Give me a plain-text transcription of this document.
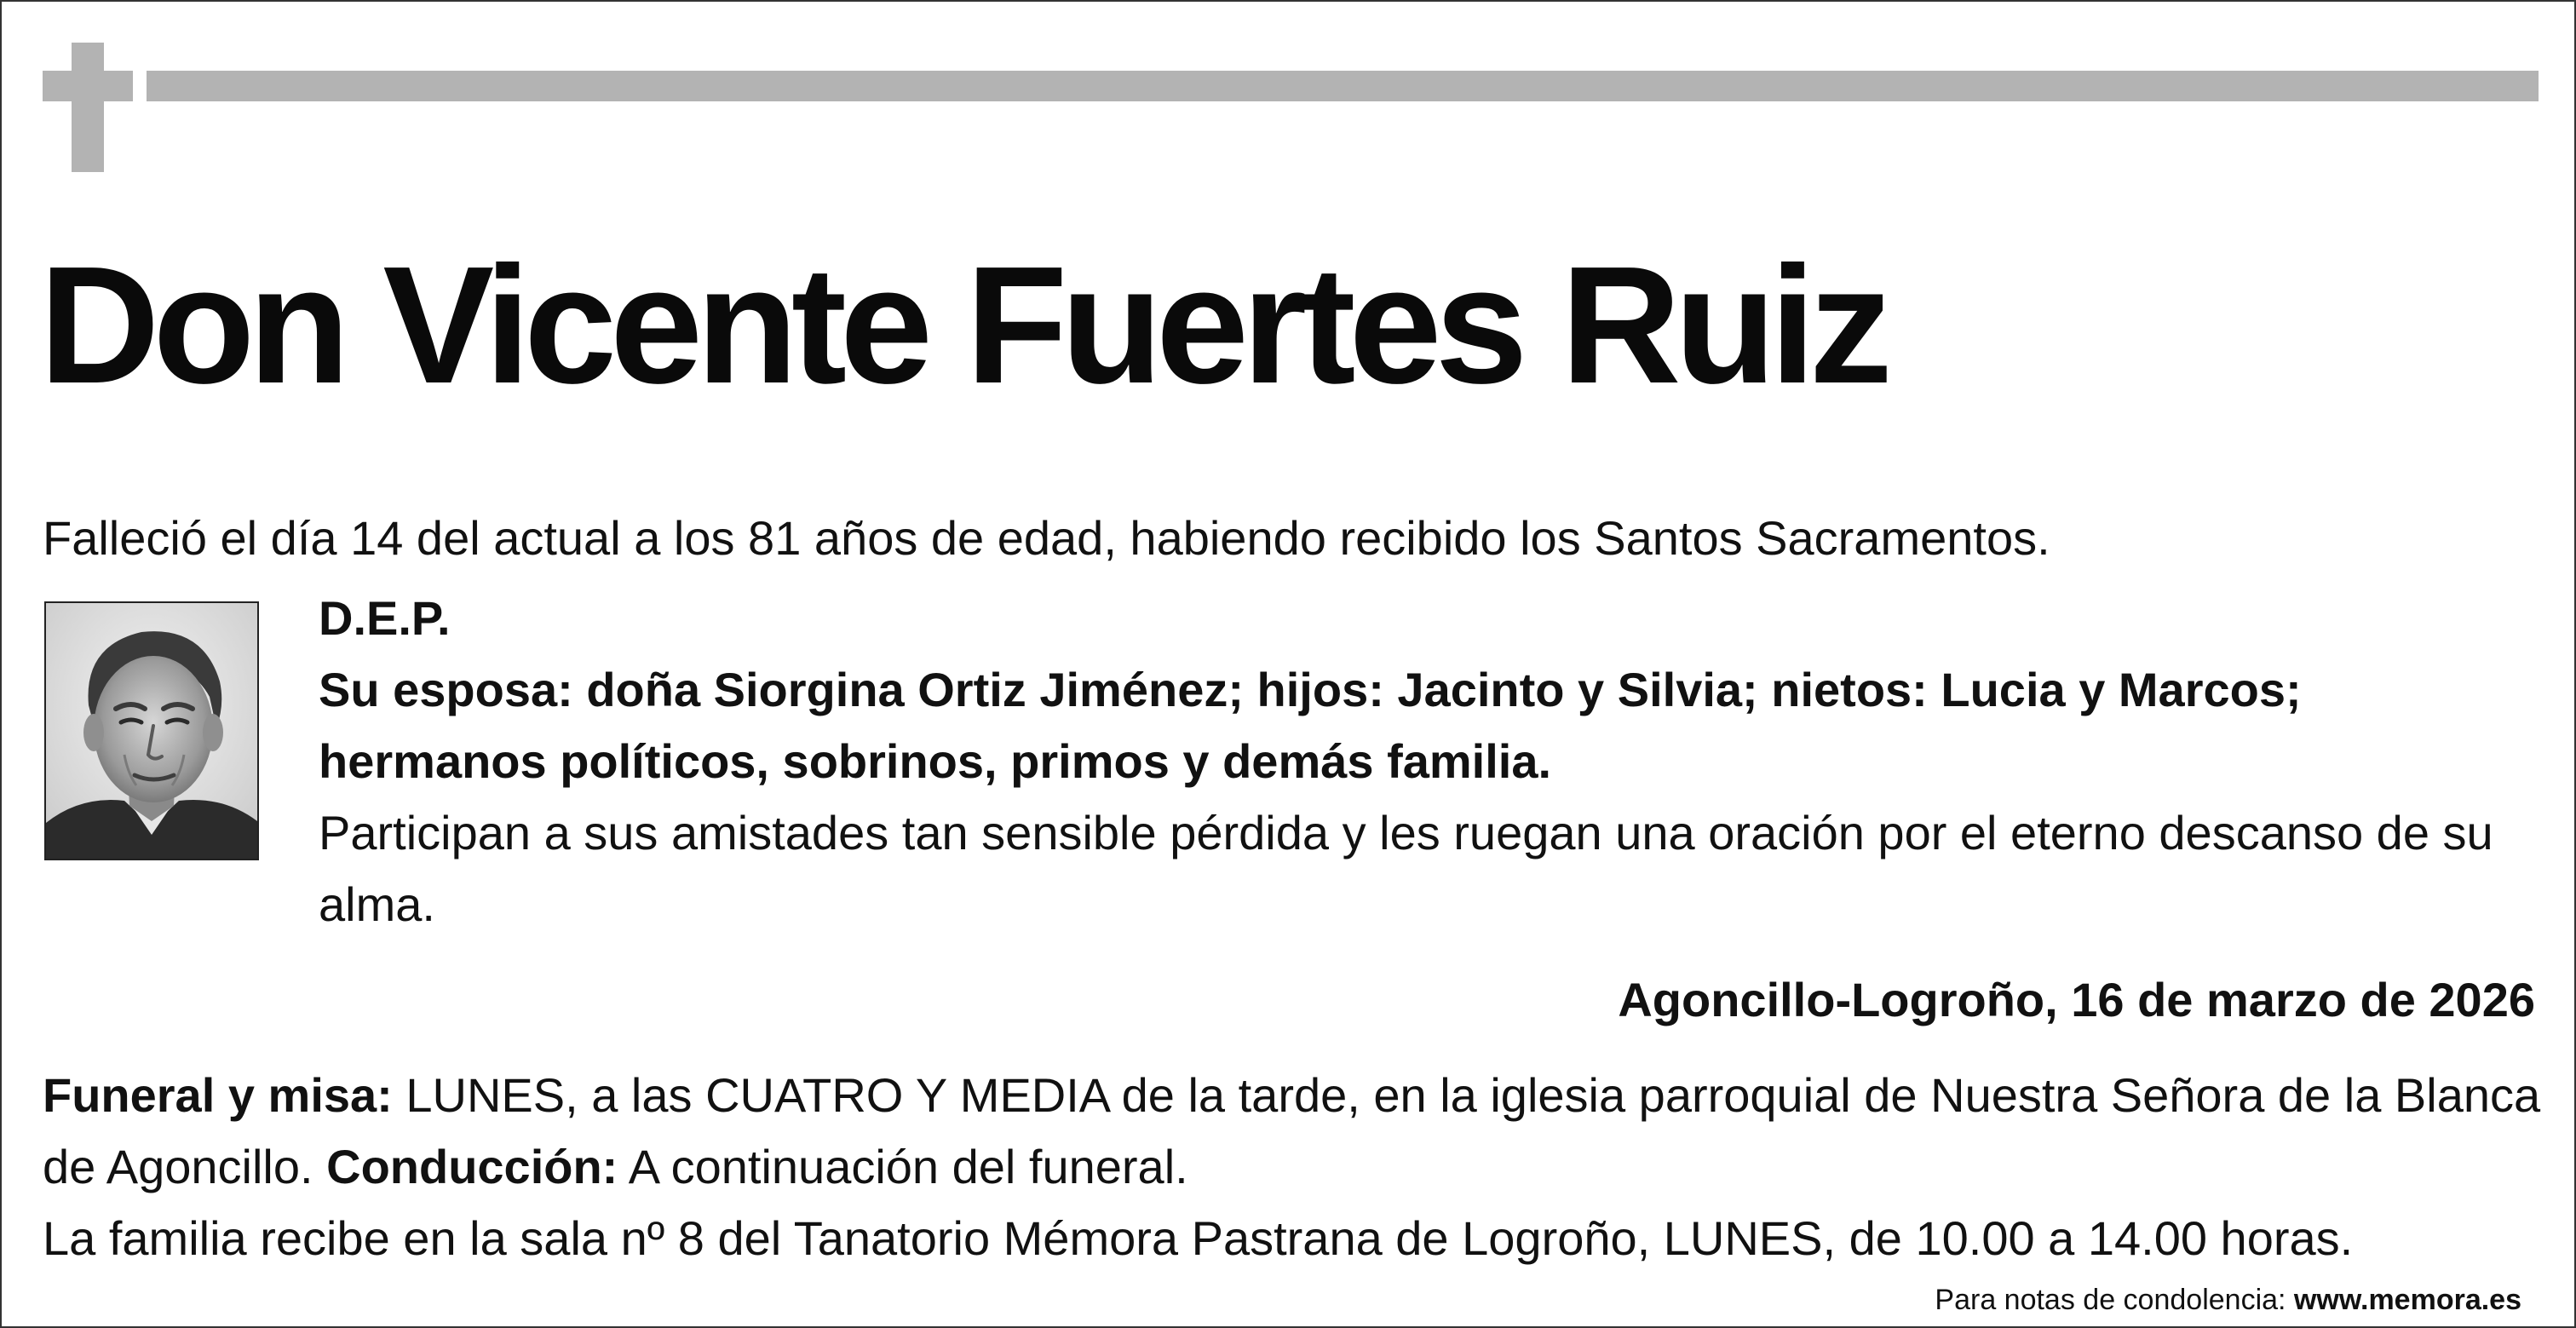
Don Vicente Fuertes Ruiz

Falleció el día 14 del actual a los 81 años de edad, habiendo recibido los Santos Sacramentos.

D.E.P.

Su esposa: doña Siorgina Ortiz Jiménez; hijos: Jacinto y Silvia; nietos: Lucia y Marcos; hermanos políticos, sobrinos, primos y demás familia.

Participan a sus amistades tan sensible pérdida y les ruegan una oración por el eterno descanso de su alma.

Agoncillo-Logroño, 16 de marzo de 2026

Funeral y misa: LUNES, a las CUATRO Y MEDIA de la tarde, en la iglesia parroquial de Nuestra Señora de la Blanca de Agoncillo. Conducción: A continuación del funeral.

La familia recibe en la sala nº 8 del Tanatorio Mémora Pastrana de Logroño, LUNES, de 10.00 a 14.00 horas.

Para notas de condolencia: www.memora.es
